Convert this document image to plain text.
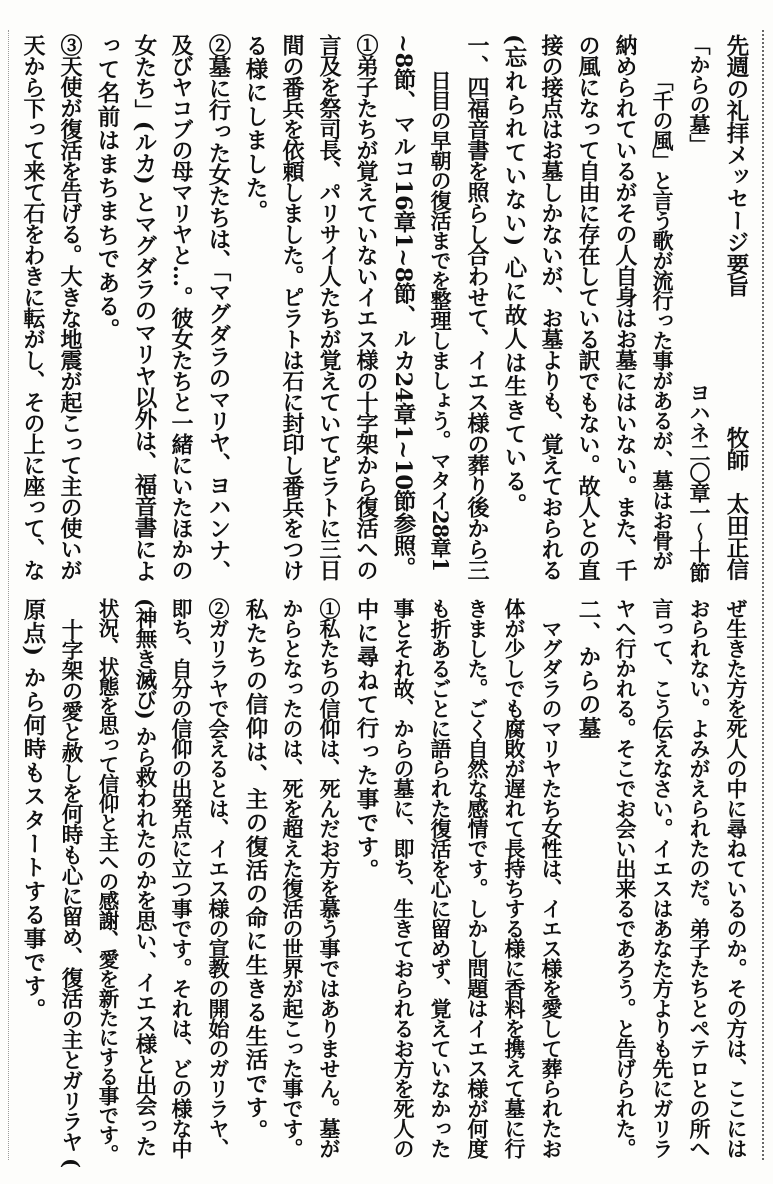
先週の礼拝メッセージ要旨牧師　太田正信
「からの墓」ヨハネ二〇章一～十節
「千の風」と言う歌が流行った事があるが、墓はお骨が
納められているがその人自身はお墓にはいない。また、千
の風になって自由に存在している訳でもない。故人との直
接の接点はお墓しかないが、お墓よりも、覚えておられる
(忘れられていない) 心に故人は生きている。
一、四福音書を照らし合わせて、イエス様の葬り後から三
日目の早朝の復活までを整理しましょう。マタイ28章1
~8節、マルコ16章1~8節、ルカ24章1~10節参照。
①弟子たちが覚えていないイエス様の十字架から復活への
言及を祭司長、パリサイ人たちが覚えていてピラトに三日
間の番兵を依頼しました。ピラトは石に封印し番兵をつけ
る様にしました。
②墓に行った女たちは、「マグダラのマリヤ、ヨハンナ、
及びヤコブの母マリヤと…。彼女たちと一緒にいたほかの
女たち」(ルカ) とマグダラのマリヤ以外は、福音書によ
って名前はまちまちである。
③天使が復活を告げる。大きな地震が起こって主の使いが
天から下って来て石をわきに転がし、その上に座って、な
ぜ生きた方を死人の中に尋ねているのか。その方は、ここには
おられない。よみがえられたのだ。弟子たちとペテロとの所へ
言って、こう伝えなさい。イエスはあなた方よりも先にガリラ
ヤへ行かれる。そこでお会い出来るであろう。と告げられた。
二、からの墓
　マグダラのマリヤたち女性は、イエス様を愛して葬られたお
体が少しでも腐敗が遅れて長持ちする様に香料を携えて墓に行
きました。ごく自然な感情です。しかし問題はイエス様が何度
も折あるごとに語られた復活を心に留めず、覚えていなかった
事とそれ故、からの墓に、即ち、生きておられるお方を死人の
中に尋ねて行った事です。
①私たちの信仰は、死んだお方を慕う事ではありません。墓が
からとなったのは、死を超えた復活の世界が起こった事です。
私たちの信仰は、主の復活の命に生きる生活です。
②ガリラヤで会えるとは、イエス様の宣教の開始のガリラヤ、
即ち、自分の信仰の出発点に立つ事です。それは、どの様な中
(神無き滅び) から救われたのかを思い、イエス様と出会った
状況、状態を思って信仰と主への感謝、愛を新たにする事です。
　十字架の愛と赦しを何時も心に留め、復活の主とガリラヤ (
原点) から何時もスタートする事です。
